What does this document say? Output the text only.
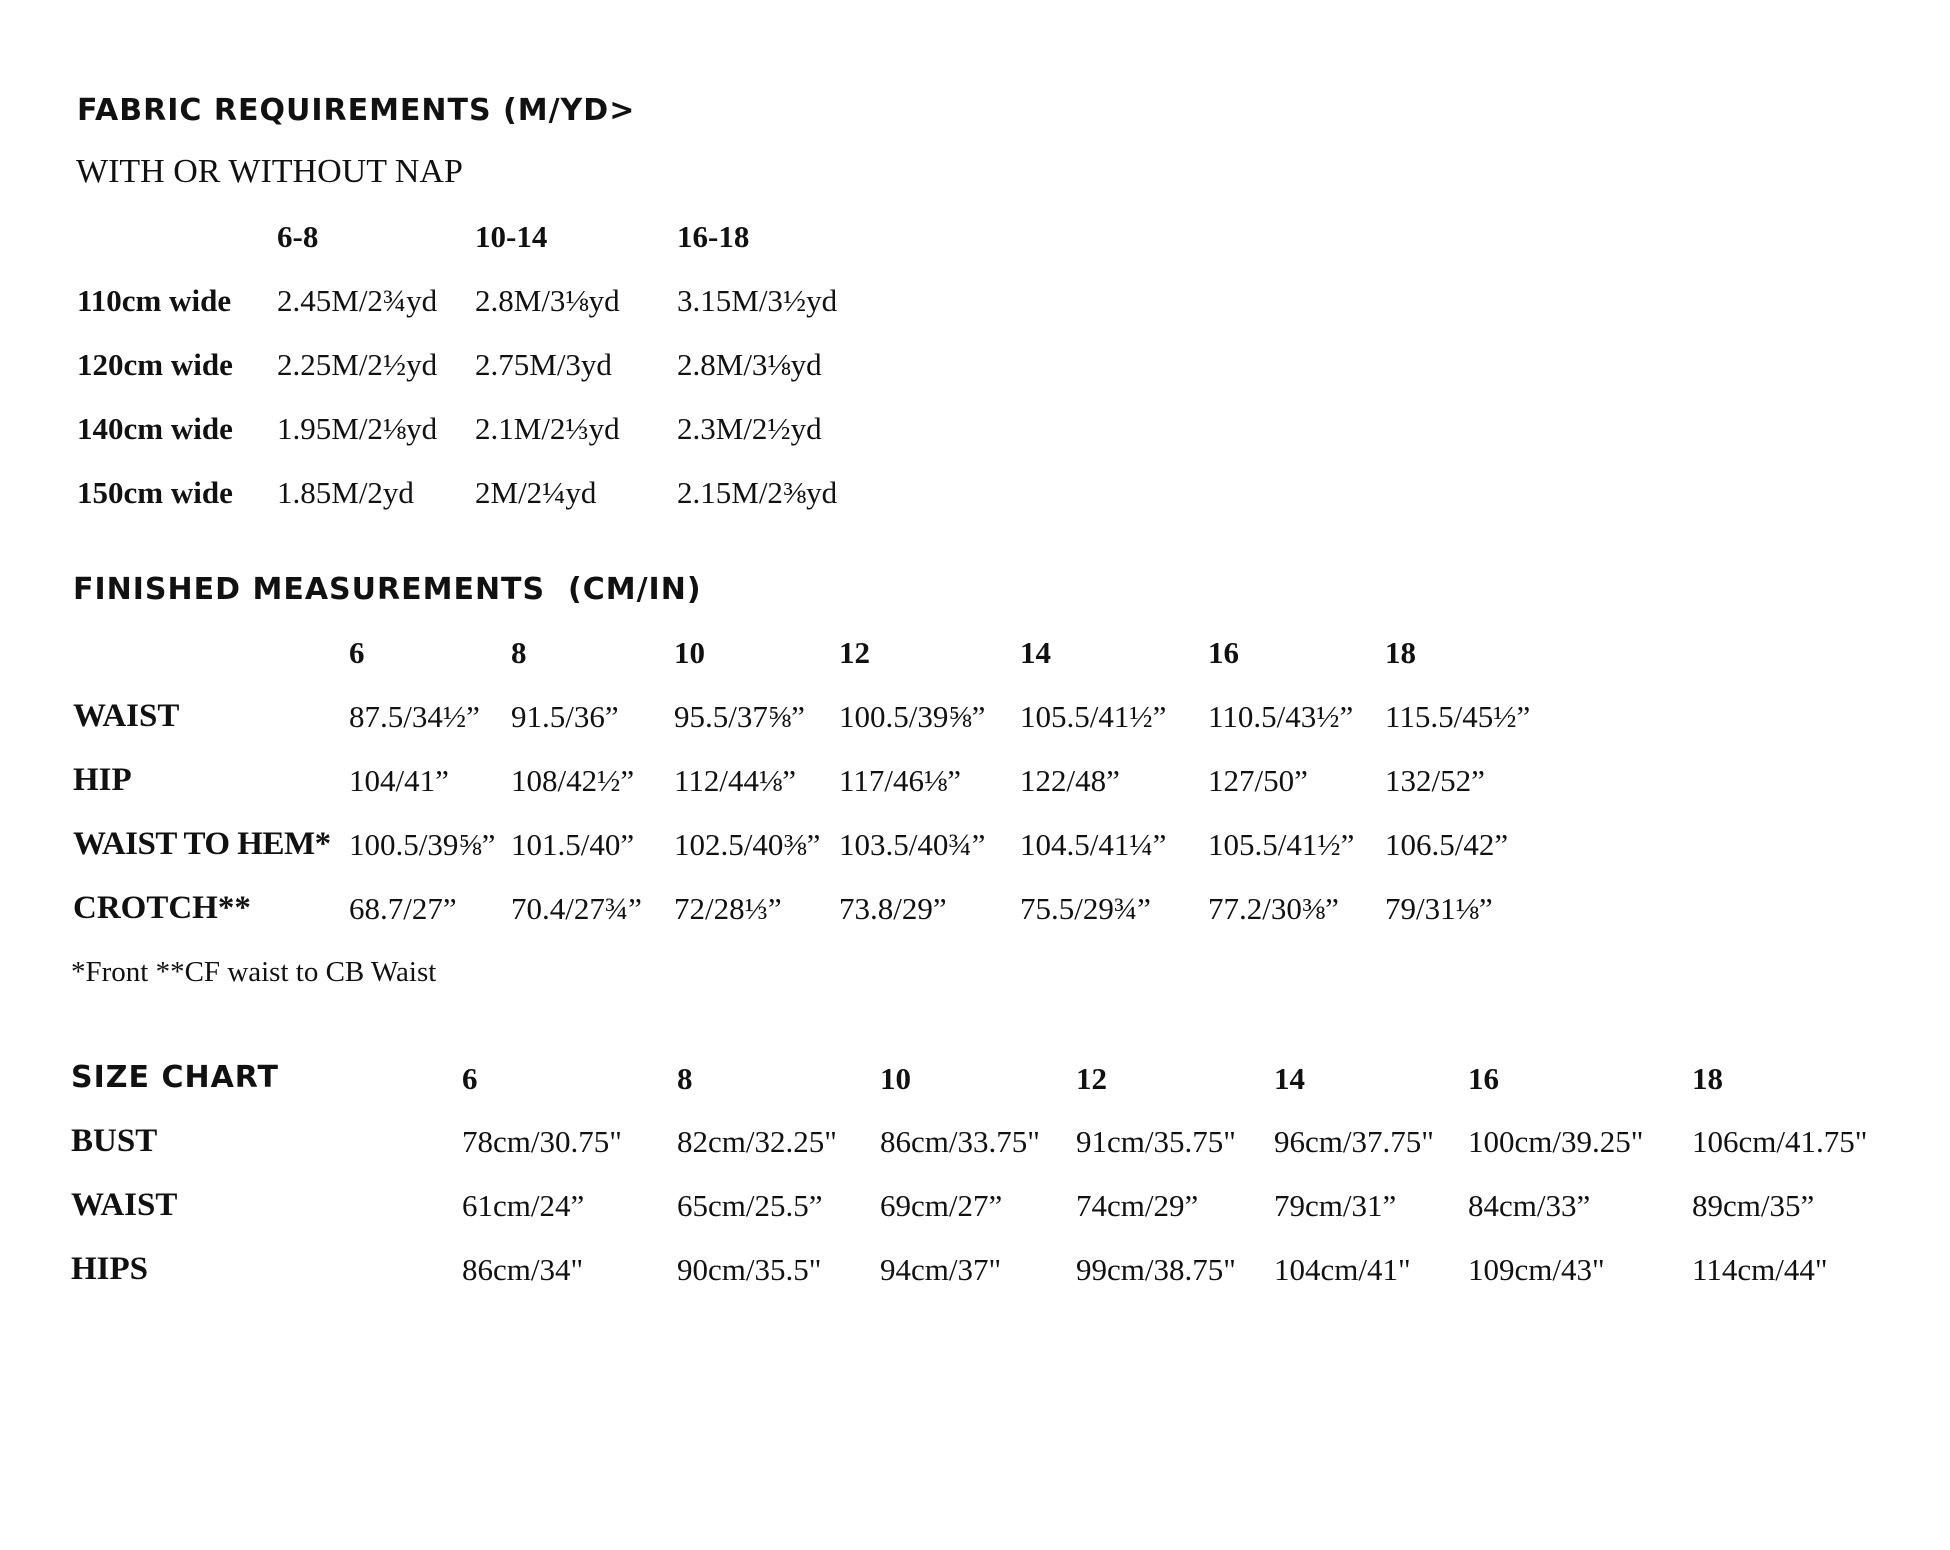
FABRIC REQUIREMENTS (M/YD>
WITH OR WITHOUT NAP
6-8	10-14	16-18
110cm wide 2.45M/2¾yd 2.8M/3⅛yd 3.15M/3½yd
120cm wide 2.25M/2½yd 2.75M/3yd 2.8M/3⅛yd
140cm wide 1.95M/2⅛yd 2.1M/2⅓yd 2.3M/2½yd
150cm wide 1.85M/2yd 2M/2¼yd	2.15M/2⅜yd
FINISHED MEASUREMENTS  (CM/IN)
6	8	10	12	14	16	18
WAIST	87.5/34½” 91.5/36” 95.5/37⅝” 100.5/39⅝” 105.5/41½” 110.5/43½” 115.5/45½”
HIP	104/41” 108/42½” 112/44⅛” 117/46⅛” 122/48”	127/50” 132/52”
WAIST TO HEM* 100.5/39⅝” 101.5/40” 102.5/40⅜” 103.5/40¾” 104.5/41¼” 105.5/41½” 106.5/42”
CROTCH**	68.7/27” 70.4/27¾” 72/28⅓” 73.8/29” 75.5/29¾” 77.2/30⅜” 79/31⅛”
*Front **CF waist to CB Waist
SIZE CHART	6	8	10	12	14	16	18
BUST	78cm/30.75" 82cm/32.25" 86cm/33.75" 91cm/35.75" 96cm/37.75" 100cm/39.25" 106cm/41.75"
WAIST	61cm/24”	65cm/25.5” 69cm/27” 74cm/29” 79cm/31” 84cm/33”	89cm/35”
HIPS	86cm/34"	90cm/35.5" 94cm/37" 99cm/38.75" 104cm/41" 109cm/43"	114cm/44"
